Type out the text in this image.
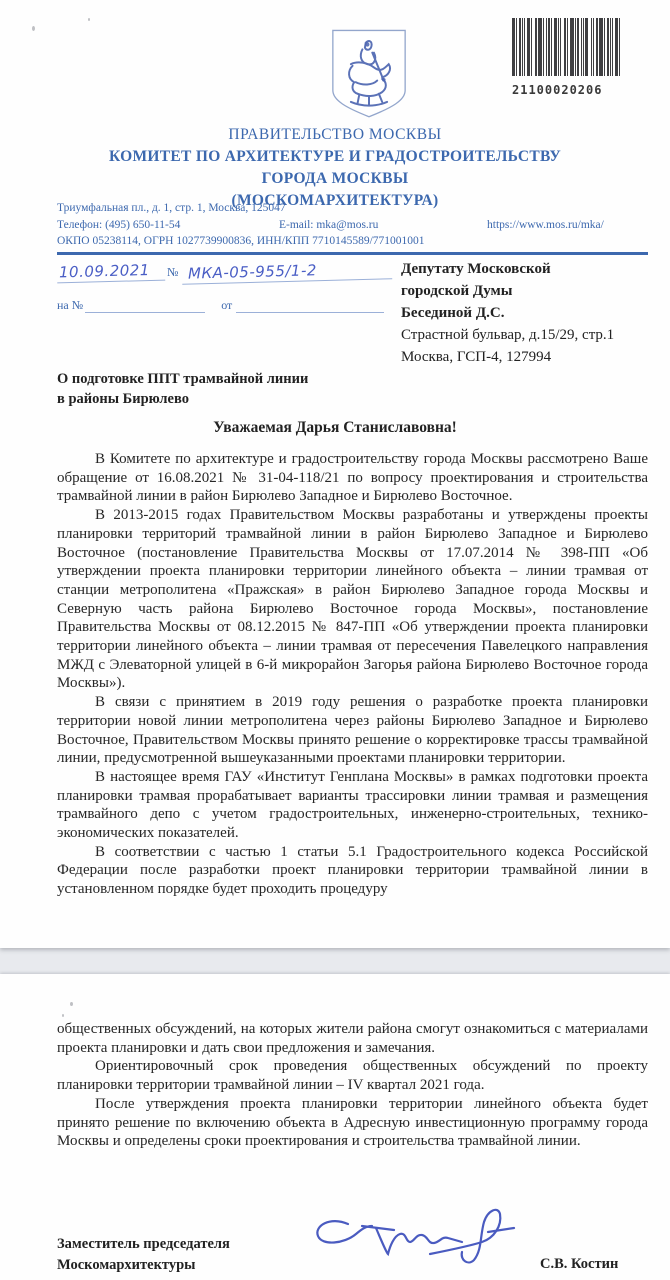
21100020206
ПРАВИТЕЛЬСТВО МОСКВЫ
КОМИТЕТ ПО АРХИТЕКТУРЕ И ГРАДОСТРОИТЕЛЬСТВУ
ГОРОДА МОСКВЫ
(МОСКОМАРХИТЕКТУРА)
Триумфальная пл., д. 1, стр. 1, Москва, 125047
Телефон: (495) 650-11-54	E-mail: mka@mos.ru	https://www.mos.ru/mka/
ОКПО 05238114, ОГРН 1027739900836, ИНН/КПП 7710145589/771001001
10.09.2021	№ МКА-05-955/1-2
на №	от
Депутату Московской
городской Думы
Бесединой Д.С.
Страстной бульвар, д.15/29, стр.1
Москва, ГСП-4, 127994
О подготовке ППТ трамвайной линии
в районы Бирюлево
Уважаемая Дарья Станиславовна!

В Комитете по архитектуре и градостроительству города Москвы рассмотрено Ваше обращение от 16.08.2021 № 31-04-118/21 по вопросу проектирования и строительства трамвайной линии в район Бирюлево Западное и Бирюлево Восточное.

В 2013-2015 годах Правительством Москвы разработаны и утверждены проекты планировки территорий трамвайной линии в район Бирюлево Западное и Бирюлево Восточное (постановление Правительства Москвы от 17.07.2014 № 398-ПП «Об утверждении проекта планировки территории линейного объекта – линии трамвая от станции метрополитена «Пражская» в район Бирюлево Западное города Москвы и Северную часть района Бирюлево Восточное города Москвы», постановление Правительства Москвы от 08.12.2015 № 847-ПП «Об утверждении проекта планировки территории линейного объекта – линии трамвая от пересечения Павелецкого направления МЖД с Элеваторной улицей в 6-й микрорайон Загорья района Бирюлево Восточное города Москвы»).

В связи с принятием в 2019 году решения о разработке проекта планировки территории новой линии метрополитена через районы Бирюлево Западное и Бирюлево Восточное, Правительством Москвы принято решение о корректировке трассы трамвайной линии, предусмотренной вышеуказанными проектами планировки территории.

В настоящее время ГАУ «Институт Генплана Москвы» в рамках подготовки проекта планировки трамвая прорабатывает варианты трассировки линии трамвая и размещения трамвайного депо с учетом градостроительных, инженерно-строительных, технико-экономических показателей.

В соответствии с частью 1 статьи 5.1 Градостроительного кодекса Российской Федерации после разработки проект планировки территории трамвайной линии в установленном порядке будет проходить процедуру

общественных обсуждений, на которых жители района смогут ознакомиться с материалами проекта планировки и дать свои предложения и замечания.

Ориентировочный срок проведения общественных обсуждений по проекту планировки территории трамвайной линии – IV квартал 2021 года.

После утверждения проекта планировки территории линейного объекта будет принято решение по включению объекта в Адресную инвестиционную программу города Москвы и определены сроки проектирования и строительства трамвайной линии.

Заместитель председателя
Москомархитектуры	С.В. Костин
